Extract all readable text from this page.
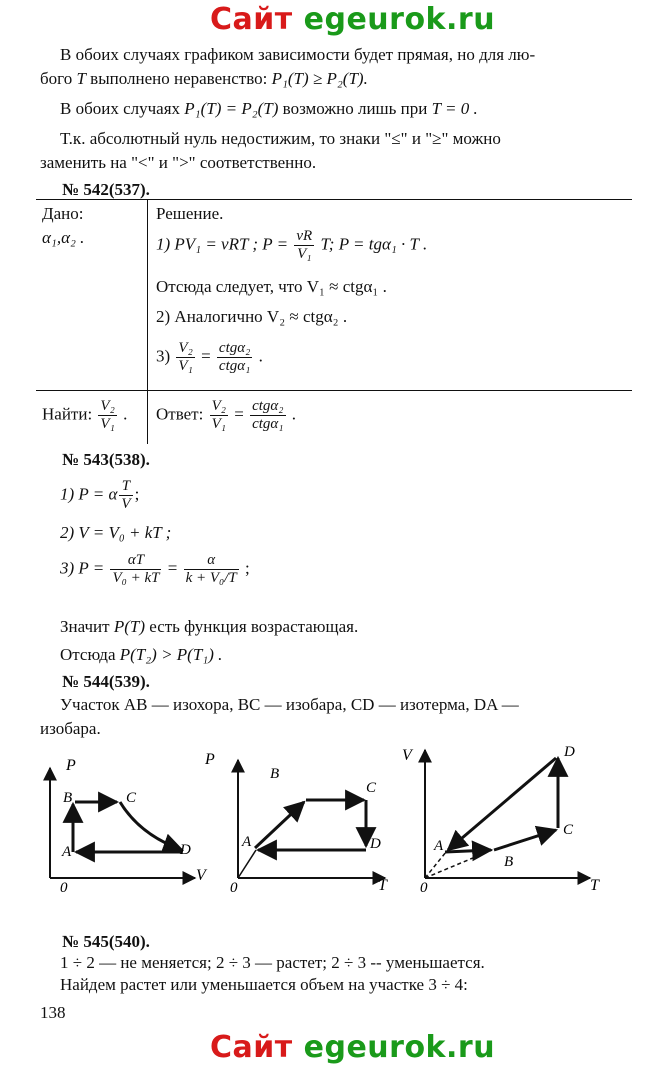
Сайт egeurok.ru
В обоих случаях графиком зависимости будет прямая, но для лю-
бого T выполнено неравенство: P₁(T) ≥ P₂(T).
В обоих случаях P₁(T) = P₂(T) возможно лишь при T = 0 .
Т.к. абсолютный нуль недостижим, то знаки "≤" и "≥" можно
заменить на "<" и ">" соответственно.
№ 542(537).
Дано:
α₁,α₂ .
Решение.
1) PV₁ = νRT ; $P = \frac{\nu R}{\text{V₁}} T$; P = tgα₁ · T .
Отсюда следует, что V₁ ≈ ctgα₁ .
2) Аналогично V₂ ≈ ctgα₂ .
$3) \frac{\text{V₂}}{\text{V₁}} = \frac{\text{ctgα₂}}{\text{ctgα₁}}$ .
Найти: $\frac{\text{V₂}}{\text{V₁}}$ . Ответ: $\frac{\text{V₂}}{\text{V₁}} = \frac{\text{ctgα₂}}{\text{ctgα₁}}$ .
№ 543(538).
1) P = α $\frac{T}{V}$ ;
2) V = V₀ + kT ;
3) $P = \frac{\alpha T}{\text{V₀ + kT}} = \frac{\alpha}{\text{k + V₀/T}}$ ;
Значит P(T) есть функция возрастающая.
Отсюда P(T₂) > P(T₁) .
№ 544(539).
Участок АВ — изохора, ВС — изобара, CD — изотерма, DA —
изобара.
P
V
0
A
B	C
D
P
T
0
A
B
C
D
V
T
0
A
B
C
D
№ 545(540).
1 ÷ 2 — не меняется; 2 ÷ 3 — растет; 2 ÷ 3 -- уменьшается.
Найдем растет или уменьшается объем на участке 3 ÷ 4:
138
Сайт egeurok.ru
